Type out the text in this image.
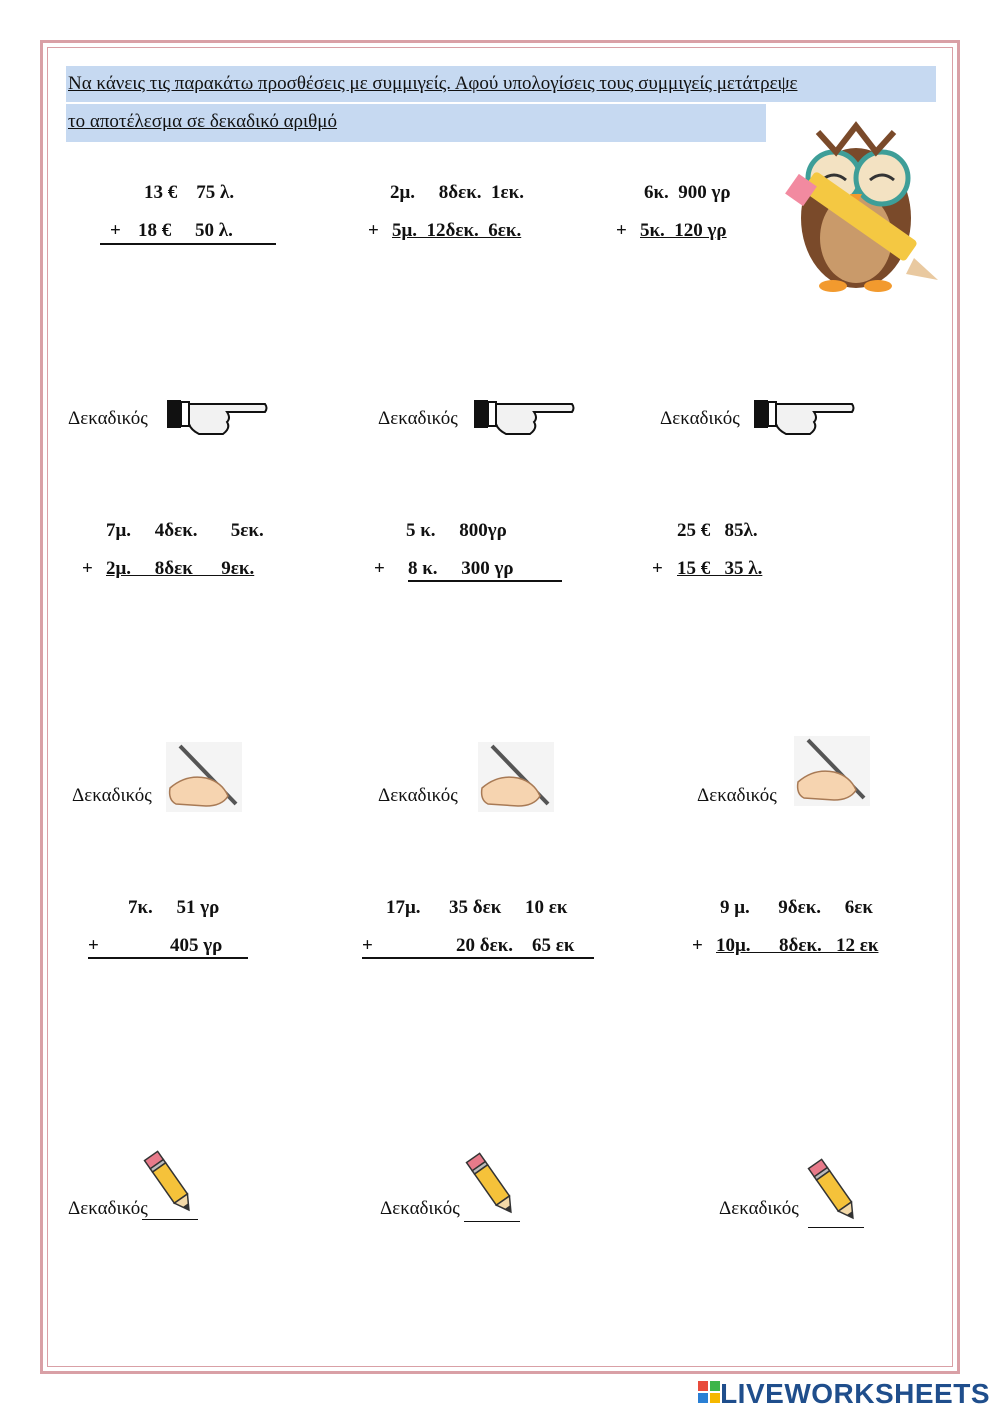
Να κάνεις τις παρακάτω προσθέσεις με συμμιγείς. Αφού υπολογίσεις τους συμμιγείς μετάτρεψε
το αποτέλεσμα σε δεκαδικό αριθμό

13 €    75 λ.

+

18 €     50 λ.

2μ.     8δεκ.  1εκ.

+

5μ.  12δεκ.  6εκ.

6κ.  900 γρ

+

5κ.  120 γρ

Δεκαδικός	Δεκαδικός	Δεκαδικός

7μ.     4δεκ.       5εκ.

+

2μ.     8δεκ      9εκ.

5 κ.     800γρ

+

8 κ.     300 γρ

25 €   85λ.

+

15 €   35 λ.

Δεκαδικός	Δεκαδικός	Δεκαδικός

7κ.     51 γρ

+

	405 γρ

17μ.      35 δεκ     10 εκ

+

	20 δεκ.    65 εκ

9 μ.      9δεκ.     6εκ

+

10μ.      8δεκ.   12 εκ

Δεκαδικός	Δεκαδικός	Δεκαδικός
LIVEWORKSHEETS
